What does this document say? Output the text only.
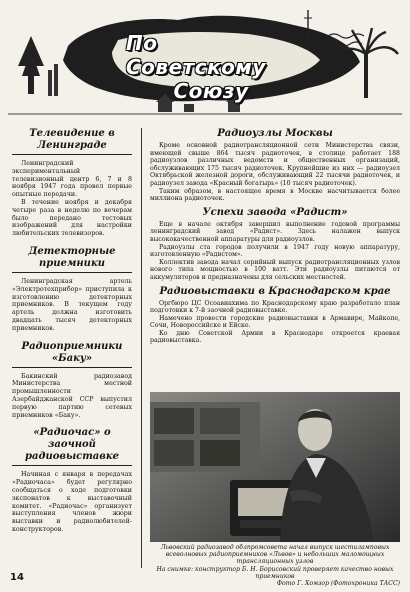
По Советскому
Союзу
Телевидение в Ленинграде

Ленинградский экспериментальный телевизионный центр 6, 7 и 8 ноября 1947 года провел первые опытные передачи.

В течение ноября и декабря четыре раза в неделю по вечерам было передано тестовых изображений для настройки любительских телевизоров.

Детекторные приемники

Ленинградская артель «Электротехприбор» приступила к изготовлению детекторных приемников. В текущем году артель должна изготовить двадцать тысяч детекторных приемников.

Радиоприемники «Баку»

Бакинский радиозавод Министерства местной промышленности Азербайджанской ССР выпустил первую партию сетевых приемников «Баку».

«Радиочас» о заочной радиовыставке

Начиная с января в передачах «Радиочаса» будет регулярно сообщаться о ходе подготовки экспонатов к выставочный комитет. «Радиочас» организует выступления членов жюри выставки и радиолюбителей-конструкторов.

Радиоузлы Москвы

Кроме основной радиотрансляционной сети Министерства связи, имеющей свыше 864 тысяч радиоточек, в столице работает 188 радиоузлов различных ведомств и общественных организаций, обслуживающих 175 тысяч радиоточек. Крупнейшие из них — радиоузел Октябрьской железной дороги, обслуживающий 22 тысячи радиоточек, и радиоузел завода «Красный богатырь» (10 тысяч радиоточек).

Таким образом, в настоящее время в Москве насчитывается более миллиона радиоточек.

Успехи завода «Радист»

Еще в начале октября завершил выполнение годовой программы ленинградский завод «Радист». Здесь налажен выпуск высококачественной аппаратуры для радиоузлов.

Радиоузлы ста городов получили в 1947 году новую аппаратуру, изготовленную «Радистом».

Коллектив завода начал серийный выпуск радиотрансляционных узлов нового типа мощностью в 100 ватт. Эти радиоузлы питаются от аккумуляторов и предназначены для сельских местностей.

Радиовыставки в Краснодарском крае

Оргбюро ЦС Осоавиахима по Краснодарскому краю разработало план подготовки к 7-й заочной радиовыставке.

Намечено провести городские радиовыставки в Армавире, Майкопе, Сочи, Новороссийске и Ейске.

Ко дню Советской Армии в Краснодаре откроется краевая радиовыставка.

Львовский радиозавод облпромсовета начал выпуск шестиламповых всеволновых радиоприемников «Львов» и небольших маломощных трансляционных узлов
На снимке: конструктор Б. Н. Борисовский проверяет качество новых приемников
Фото Г. Хомзор (Фотохроника ТАСС)
14
